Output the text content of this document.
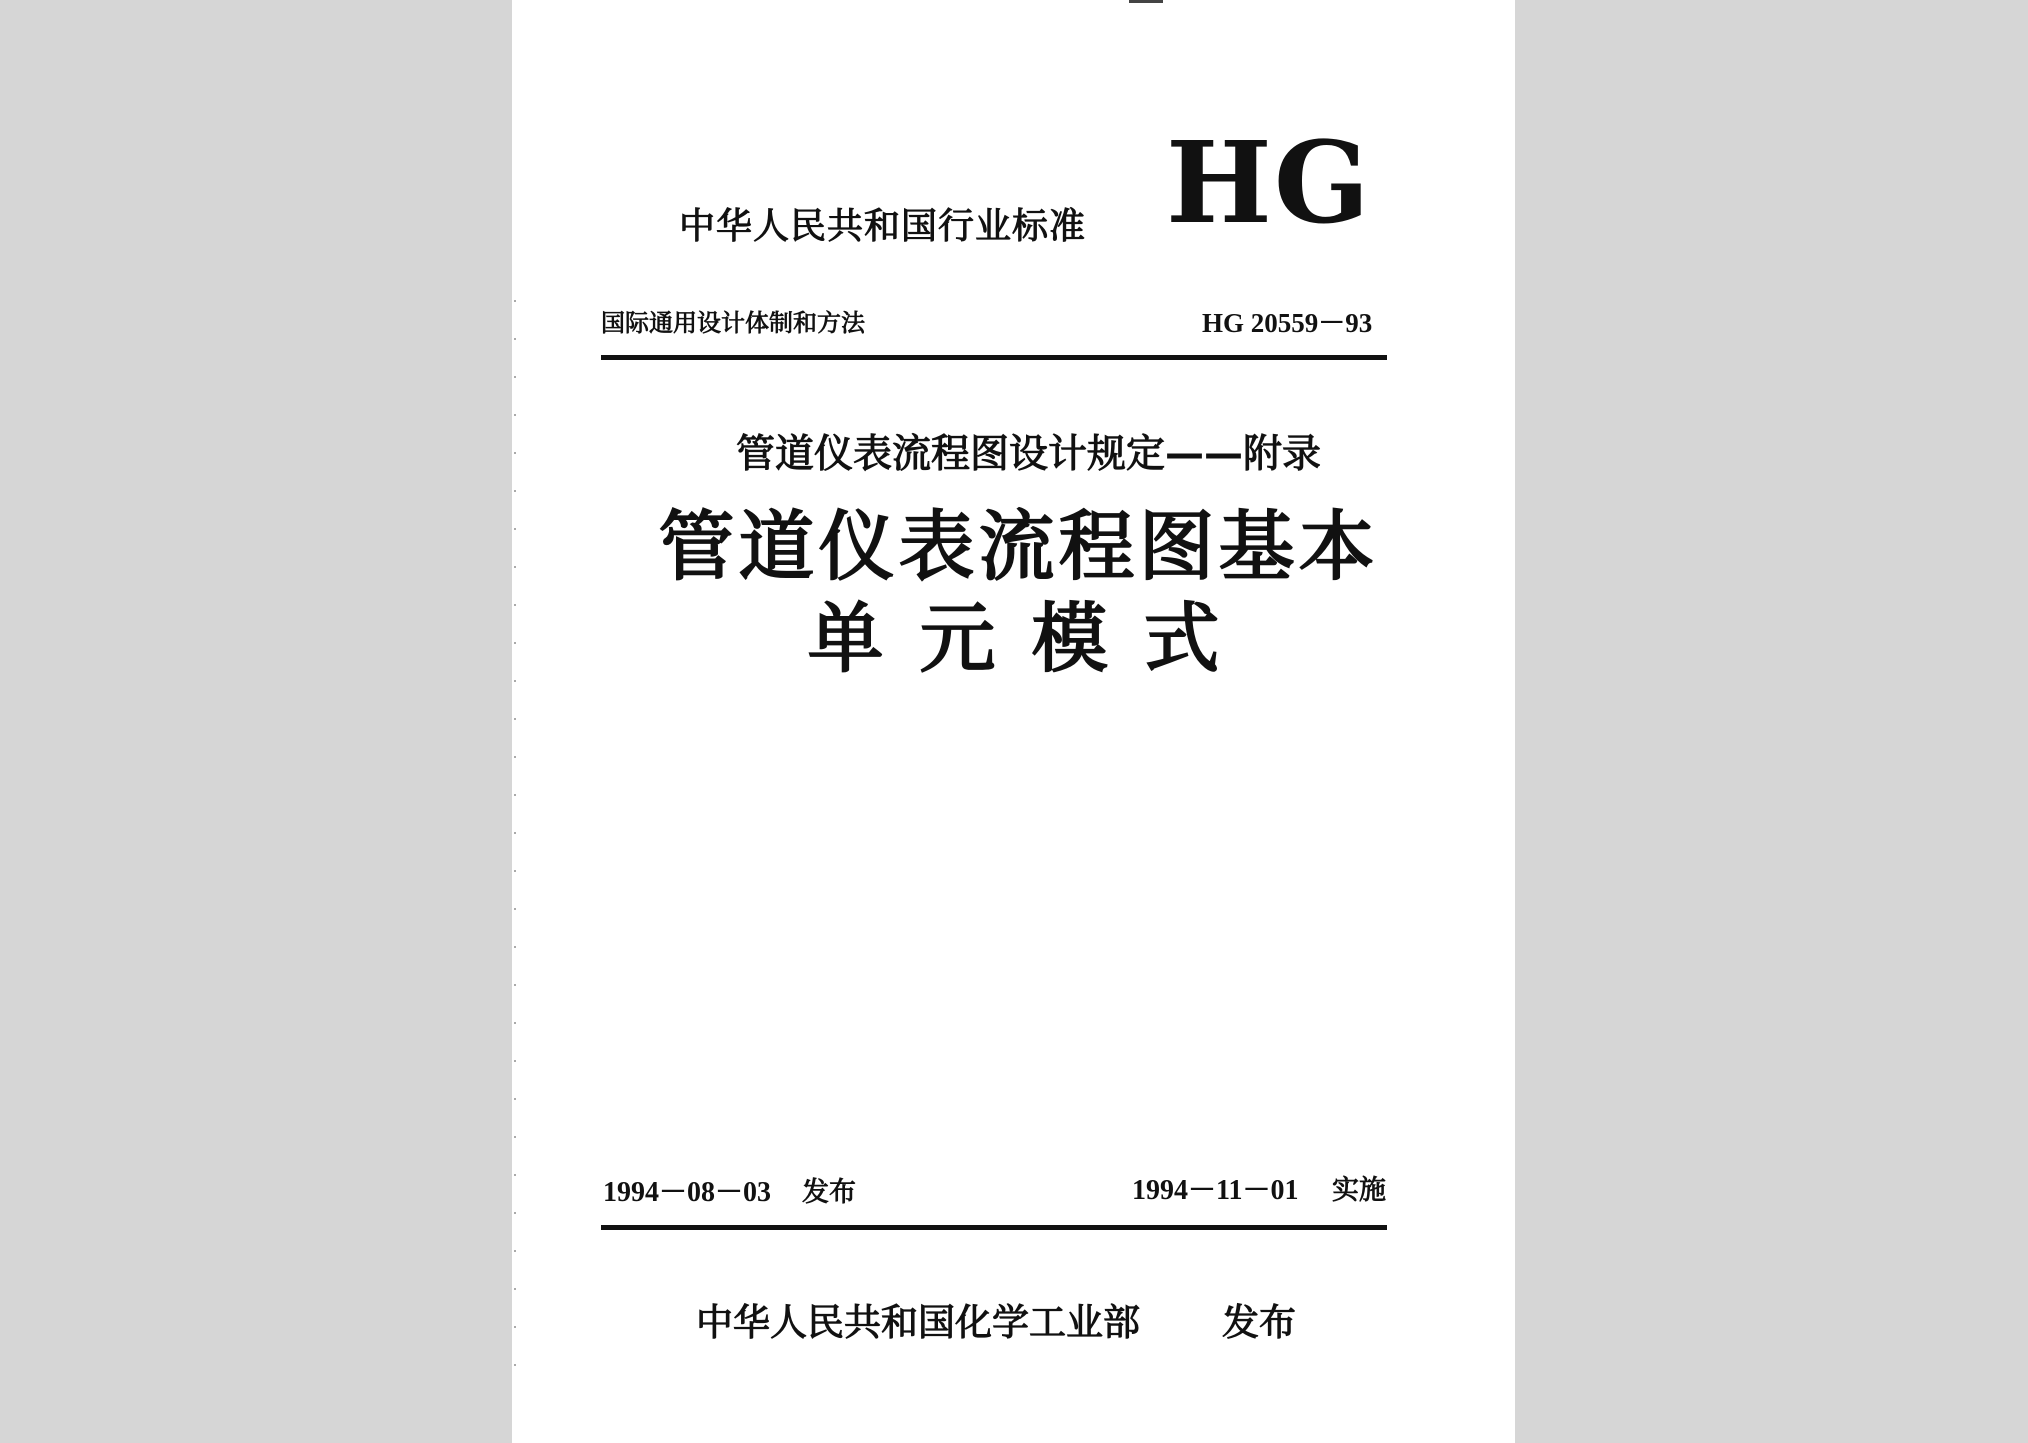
中华人民共和国行业标准 HG
国际通用设计体制和方法	HG 20559－93
管道仪表流程图设计规定——附录
管道仪表流程图基本
单元模式
1994－08－03 发布	1994－11－01 实施
中华人民共和国化学工业部 发布
